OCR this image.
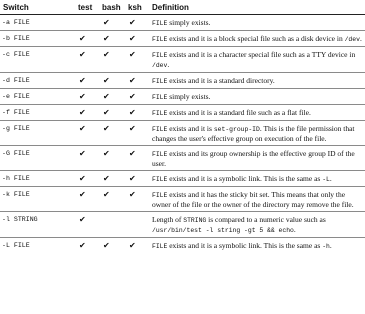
Switch	test	bash	ksh	Definition
-a FILE		✔	✔	FILE simply exists.
-b FILE	✔	✔	✔	FILE exists and it is a block special file such as a disk device in /dev.
-c FILE	✔	✔	✔	FILE exists and it is a character special file such as a TTY device in /dev.
-d FILE	✔	✔	✔	FILE exists and it is a standard directory.
-e FILE	✔	✔	✔	FILE simply exists.
-f FILE	✔	✔	✔	FILE exists and it is a standard file such as a flat file.
-g FILE	✔	✔	✔	FILE exists and it is set-group-ID. This is the file permission that changes the user's effective group on execution of the file.
-G FILE	✔	✔	✔	FILE exists and its group ownership is the effective group ID of the user.
-h FILE	✔	✔	✔	FILE exists and it is a symbolic link. This is the same as -L.
-k FILE	✔	✔	✔	FILE exists and it has the sticky bit set. This means that only the owner of the file or the owner of the directory may remove the file.
-l STRING	✔			Length of STRING is compared to a numeric value such as /usr/bin/test -l string -gt 5 && echo.
-L FILE	✔	✔	✔	FILE exists and it is a symbolic link. This is the same as -h.
